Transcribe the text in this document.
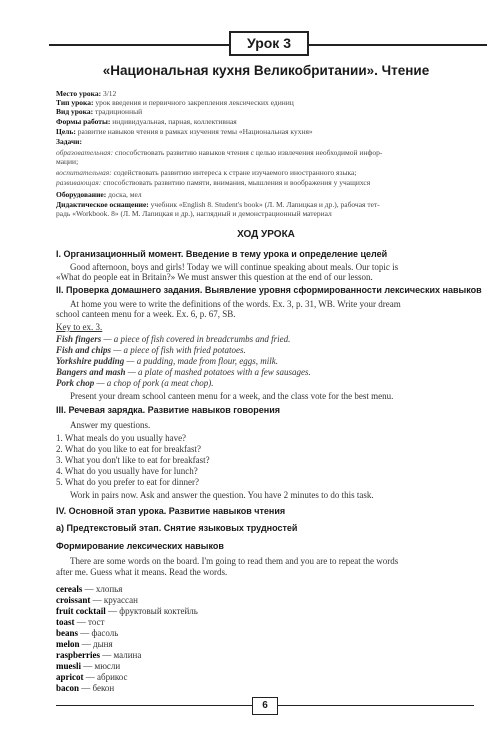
Урок 3
«Национальная кухня Великобритании». Чтение
Место урока: 3/12
Тип урока: урок введения и первичного закрепления лексических единиц
Вид урока: традиционный
Формы работы: индивидуальная, парная, коллективная
Цель: развитие навыков чтения в рамках изучения темы «Национальная кухня»
Задачи:
образовательная: способствовать развитию навыков чтения с целью извлечения необходимой инфор-
мации;
воспитательная: содействовать развитию интереса к стране изучаемого иностранного языка;
развивающая: способствовать развитию памяти, внимания, мышления и воображения у учащихся
Оборудование: доска, мел
Дидактическое оснащение: учебник «English 8. Student's book» (Л. М. Лапицкая и др.), рабочая тет-
радь «Workbook. 8» (Л. М. Лапицкая и др.), наглядный и демонстрационный материал
ХОД УРОКА
I. Организационный момент. Введение в тему урока и определение целей
Good afternoon, boys and girls! Today we will continue speaking about meals. Our topic is
«What do people eat in Britain?» We must answer this question at the end of our lesson.
II. Проверка домашнего задания. Выявление уровня сформированности лексических навыков
At home you were to write the definitions of the words. Ex. 3, p. 31, WB. Write your dream
school canteen menu for a week. Ex. 6, p. 67, SB.
Key to ex. 3.
Fish fingers — a piece of fish covered in breadcrumbs and fried.
Fish and chips — a piece of fish with fried potatoes.
Yorkshire pudding — a pudding, made from flour, eggs, milk.
Bangers and mash — a plate of mashed potatoes with a few sausages.
Pork chop — a chop of pork (a meat chop).
Present your dream school canteen menu for a week, and the class vote for the best menu.
III. Речевая зарядка. Развитие навыков говорения
Answer my questions.
1. What meals do you usually have?
2. What do you like to eat for breakfast?
3. What you don't like to eat for breakfast?
4. What do you usually have for lunch?
5. What do you prefer to eat for dinner?
Work in pairs now. Ask and answer the question. You have 2 minutes to do this task.
IV. Основной этап урока. Развитие навыков чтения
а) Предтекстовый этап. Снятие языковых трудностей
Формирование лексических навыков
There are some words on the board. I'm going to read them and you are to repeat the words
after me. Guess what it means. Read the words.
cereals — хлопья
croissant — круассан
fruit cocktail — фруктовый коктейль
toast — тост
beans — фасоль
melon — дыня
raspberries — малина
muesli — мюсли
apricot — абрикос
bacon — бекон
6
